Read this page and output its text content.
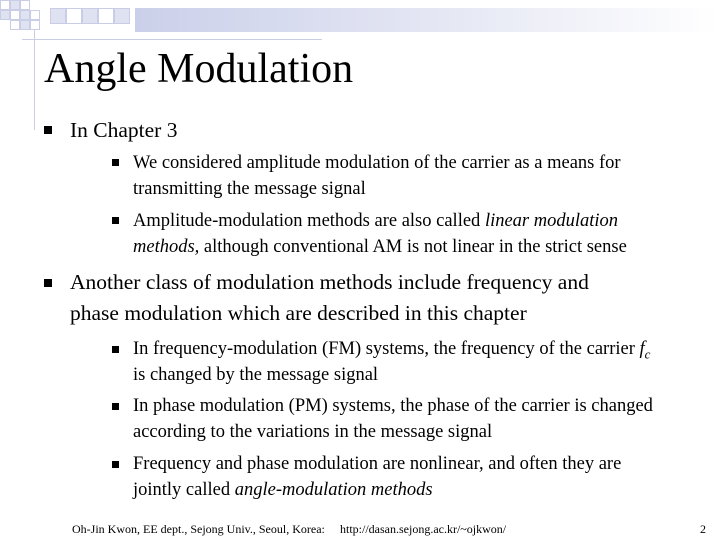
Angle Modulation
In Chapter 3
We considered amplitude modulation of the carrier as a means for
transmitting the message signal
Amplitude-modulation methods are also called linear modulation
methods, although conventional AM is not linear in the strict sense
Another class of modulation methods include frequency and
phase modulation which are described in this chapter
In frequency-modulation (FM) systems, the frequency of the carrier $f_c$
is changed by the message signal
In phase modulation (PM) systems, the phase of the carrier is changed
according to the variations in the message signal
Frequency and phase modulation are nonlinear, and often they are
jointly called angle-modulation methods
Oh-Jin Kwon, EE dept., Sejong Univ., Seoul, Korea: http://dasan.sejong.ac.kr/~ojkwon/	2
